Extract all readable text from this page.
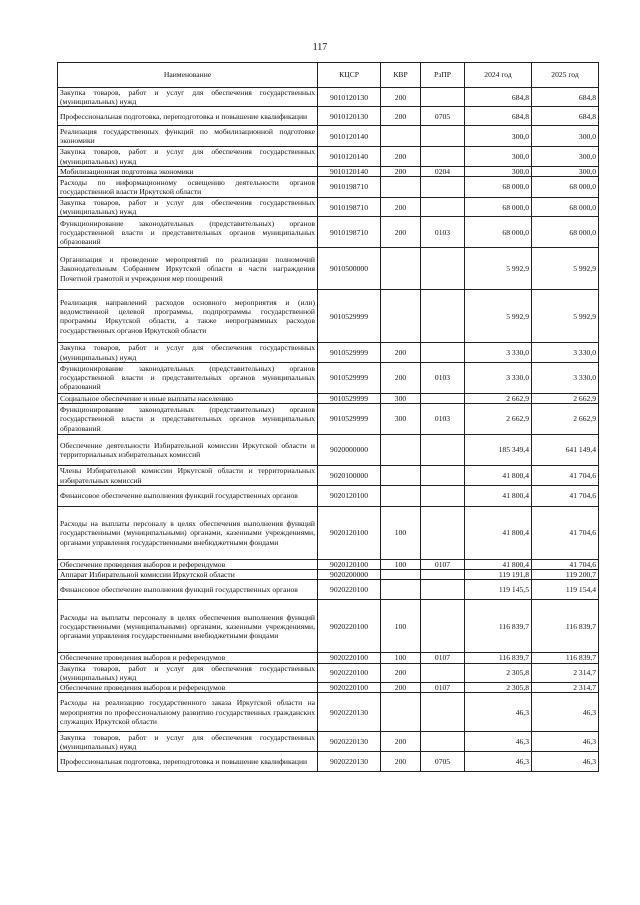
117
Наименование	КЦСР	КВР	РзПР	2024 год	2025 год
Закупка товаров, работ и услуг для обеспечения государственных (муниципальных) нужд	9010120130	200		684,8	684,8
Профессиональная подготовка, переподготовка и повышение квалификации	9010120130	200	0705	684,8	684,8
Реализация государственных функций по мобилизационной подготовке экономики	9010120140			300,0	300,0
Закупка товаров, работ и услуг для обеспечения государственных (муниципальных) нужд	9010120140	200		300,0	300,0
Мобилизационная подготовка экономики	9010120140	200	0204	300,0	300,0
Расходы по информационному освещению деятельности органов государственной власти Иркутской области	9010198710			68 000,0	68 000,0
Закупка товаров, работ и услуг для обеспечения государственных (муниципальных) нужд	9010198710	200		68 000,0	68 000,0
Функционирование законодательных (представительных) органов государственной власти и представительных органов муниципальных образований	9010198710	200	0103	68 000,0	68 000,0
Организация и проведение мероприятий по реализации полномочий Законодательным Собранием Иркутской области в части награждения Почетной грамотой и учреждения мер поощрений	9010500000			5 992,9	5 992,9
Реализация направлений расходов основного мероприятия и (или) ведомственной целевой программы, подпрограммы государственной программы Иркутской области, а также непрограммных расходов государственных органов Иркутской области	9010529999			5 992,9	5 992,9
Закупка товаров, работ и услуг для обеспечения государственных (муниципальных) нужд	9010529999	200		3 330,0	3 330,0
Функционирование законодательных (представительных) органов государственной власти и представительных органов муниципальных образований	9010529999	200	0103	3 330,0	3 330,0
Социальное обеспечение и иные выплаты населению	9010529999	300		2 662,9	2 662,9
Функционирование законодательных (представительных) органов государственной власти и представительных органов муниципальных образований	9010529999	300	0103	2 662,9	2 662,9
Обеспечение деятельности Избирательной комиссии Иркутской области и территориальных избирательных комиссий	9020000000			185 349,4	641 149,4
Члены Избирательной комиссии Иркутской области и территориальных избирательных комиссий	9020100000			41 800,4	41 704,6
Финансовое обеспечение выполнения функций государственных органов	9020120100			41 800,4	41 704,6
Расходы на выплаты персоналу в целях обеспечения выполнения функций государственными (муниципальными) органами, казенными учреждениями, органами управления государственными внебюджетными фондами	9020120100	100		41 800,4	41 704,6
Обеспечение проведения выборов и референдумов	9020120100	100	0107	41 800,4	41 704,6
Аппарат Избирательной комиссии Иркутской области	9020200000			119 191,8	119 200,7
Финансовое обеспечение выполнения функций государственных органов	9020220100			119 145,5	119 154,4
Расходы на выплаты персоналу в целях обеспечения выполнения функций государственными (муниципальными) органами, казенными учреждениями, органами управления государственными внебюджетными фондами	9020220100	100		116 839,7	116 839,7
Обеспечение проведения выборов и референдумов	9020220100	100	0107	116 839,7	116 839,7
Закупка товаров, работ и услуг для обеспечения государственных (муниципальных) нужд	9020220100	200		2 305,8	2 314,7
Обеспечение проведения выборов и референдумов	9020220100	200	0107	2 305,8	2 314,7
Расходы на реализацию государственного заказа Иркутской области на мероприятия по профессиональному развитию государственных гражданских служащих Иркутской области	9020220130			46,3	46,3
Закупка товаров, работ и услуг для обеспечения государственных (муниципальных) нужд	9020220130	200		46,3	46,3
Профессиональная подготовка, переподготовка и повышение квалификации	9020220130	200	0705	46,3	46,3
